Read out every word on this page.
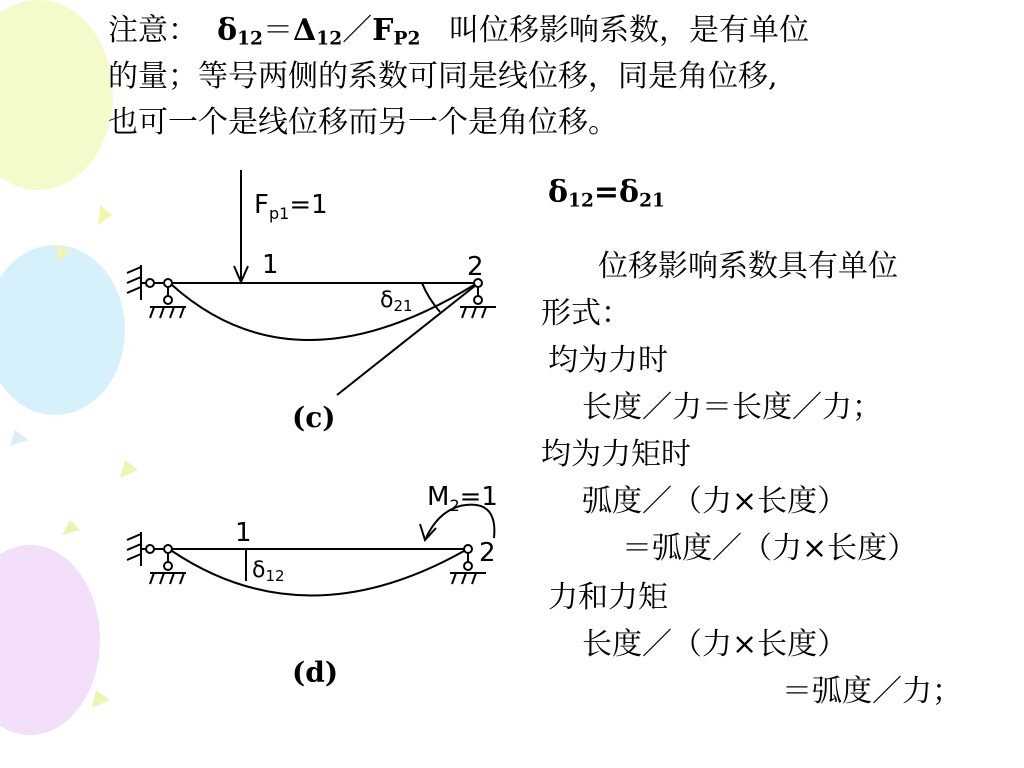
注意： $\delta_{12}=\Delta_{12}/F_{P2}$ 叫位移影响系数，是有单位
的量；等号两侧的系数可同是线位移，同是角位移,
也可一个是线位移而另一个是角位移。
$\delta_{12}=\delta_{21}$
位移影响系数具有单位
形式：
均为力时
长度／力＝长度／力；
均为力矩时
弧度／（力×长度）
＝弧度／（力×长度）
力和力矩
长度／（力×长度）
＝弧度／力；
$F_{p1}=1$
1	2
δ21
(c)
$M_2=1$
1
2
δ12
(d)
